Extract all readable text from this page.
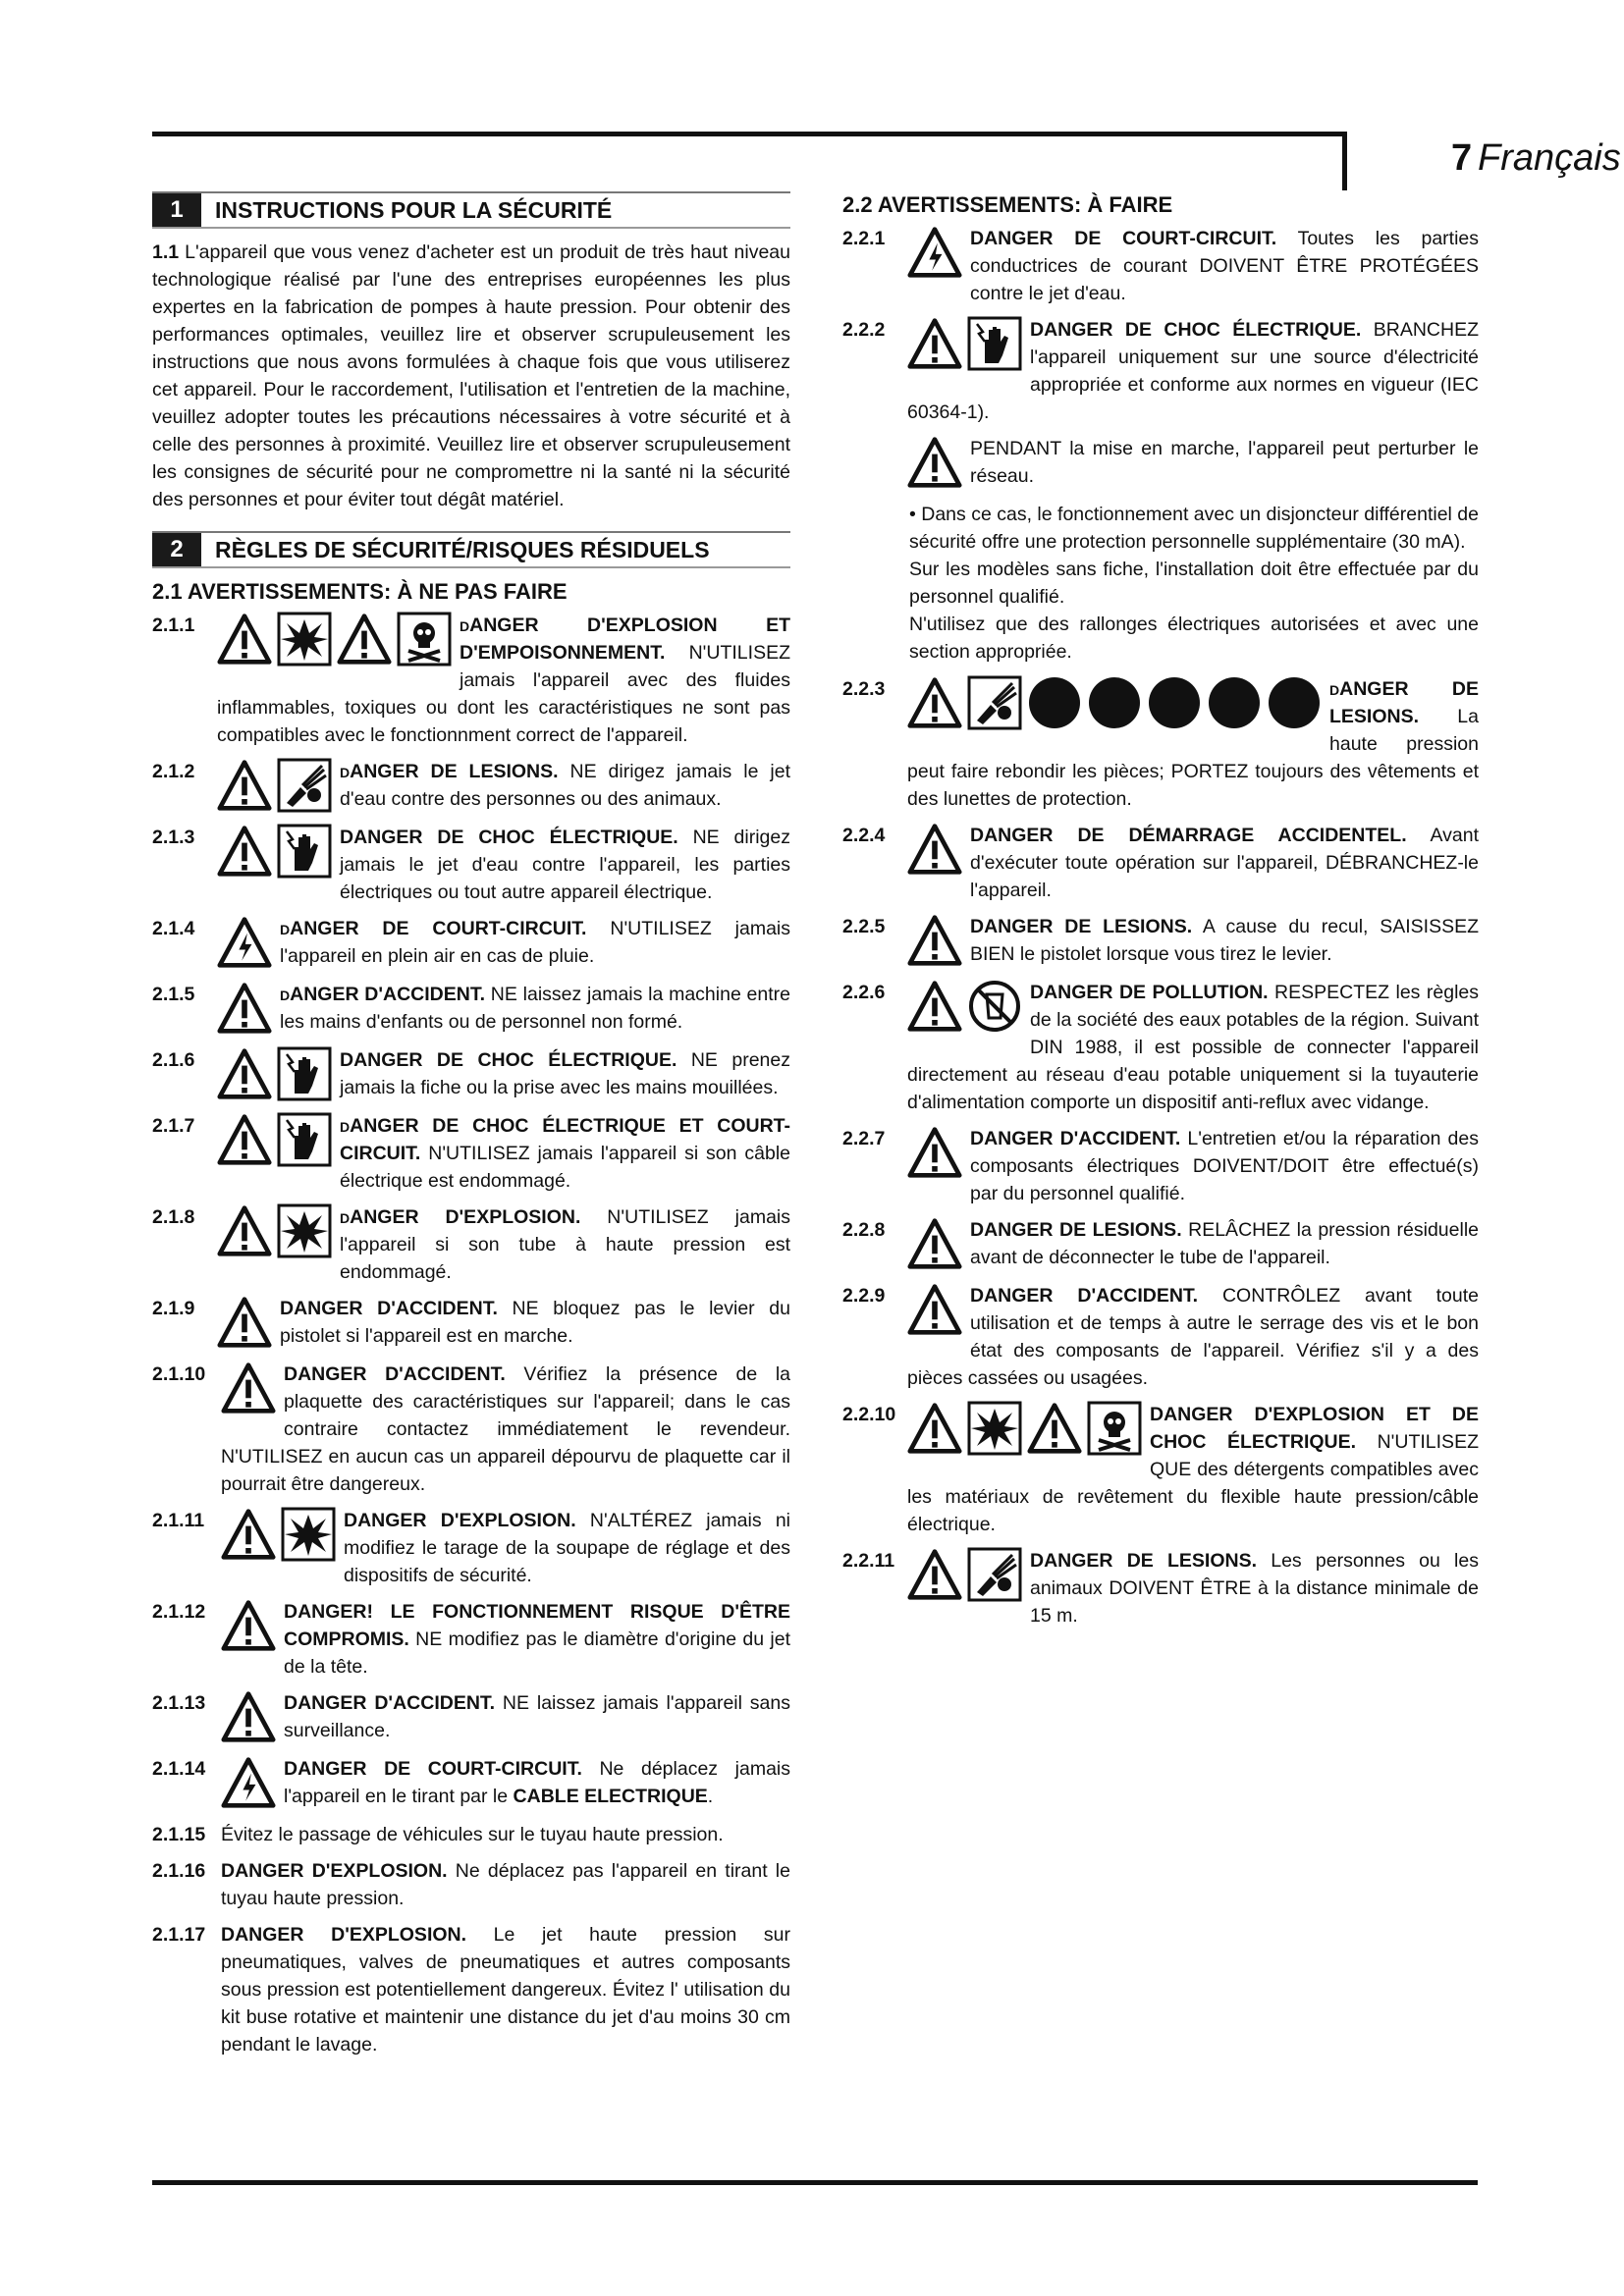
7 Français
1	INSTRUCTIONS POUR LA SÉCURITÉ
1.1 L'appareil que vous venez d'acheter est un produit de très haut niveau technologique réalisé par l'une des entreprises européennes les plus expertes en la fabrication de pompes à haute pression. Pour obtenir des performances optimales, veuillez lire et observer scrupuleusement les instructions que nous avons formulées à chaque fois que vous utiliserez cet appareil. Pour le raccordement, l'utilisation et l'entretien de la machine, veuillez adopter toutes les précautions nécessaires à votre sécurité et à celle des personnes à proximité. Veuillez lire et observer scrupuleusement les consignes de sécurité pour ne compromettre ni la santé ni la sécurité des personnes et pour éviter tout dégât matériel.
2	RÈGLES DE SÉCURITÉ/RISQUES RÉSIDUELS
2.1 AVERTISSEMENTS: À NE PAS FAIRE
2.1.1	dANGER D'EXPLOSION ET D'EMPOISONNEMENT. N'UTILISEZ jamais l'appareil avec des fluides inflammables, toxiques ou dont les caractéristiques ne sont pas compatibles avec le fonctionnment correct de l'appareil.
2.1.2	dANGER DE LESIONS. NE dirigez jamais le jet d'eau contre des personnes ou des animaux.
2.1.3	DANGER DE CHOC ÉLECTRIQUE. NE dirigez jamais le jet d'eau contre l'appareil, les parties électriques ou tout autre appareil électrique.
2.1.4	dANGER DE COURT-CIRCUIT. N'UTILISEZ jamais l'appareil en plein air en cas de pluie.
2.1.5	dANGER D'ACCIDENT. NE laissez jamais la machine entre les mains d'enfants ou de personnel non formé.
2.1.6	DANGER DE CHOC ÉLECTRIQUE. NE prenez jamais la fiche ou la prise avec les mains mouillées.
2.1.7	dANGER DE CHOC ÉLECTRIQUE ET COURT-CIRCUIT. N'UTILISEZ jamais l'appareil si son câble électrique est endommagé.
2.1.8	dANGER D'EXPLOSION. N'UTILISEZ jamais l'appareil si son tube à haute pression est endommagé.
2.1.9	DANGER D'ACCIDENT. NE bloquez pas le levier du pistolet si l'appareil est en marche.
2.1.10	DANGER D'ACCIDENT. Vérifiez la présence de la plaquette des caractéristiques sur l'appareil; dans le cas contraire contactez immédiatement le revendeur. N'UTILISEZ en aucun cas un appareil dépourvu de plaquette car il pourrait être dangereux.
2.1.11	DANGER D'EXPLOSION. N'ALTÉREZ jamais ni modifiez le tarage de la soupape de réglage et des dispositifs de sécurité.
2.1.12	DANGER! LE FONCTIONNEMENT RISQUE D'ÊTRE COMPROMIS. NE modifiez pas le diamètre d'origine du jet de la tête.
2.1.13	DANGER D'ACCIDENT. NE laissez jamais l'appareil sans surveillance.
2.1.14	DANGER DE COURT-CIRCUIT. Ne déplacez jamais l'appareil en le tirant par le CABLE ELECTRIQUE.
2.1.15 Évitez le passage de véhicules sur le tuyau haute pression.
2.1.16 DANGER D'EXPLOSION. Ne déplacez pas l'appareil en tirant le tuyau haute pression.
2.1.17 DANGER D'EXPLOSION. Le jet haute pression sur pneumatiques, valves de pneumatiques et autres composants sous pression est potentiellement dangereux. Évitez l' utilisation du kit buse rotative et maintenir une distance du jet d'au moins 30 cm pendant le lavage.
2.2 AVERTISSEMENTS: À FAIRE
2.2.1	DANGER DE COURT-CIRCUIT. Toutes les parties conductrices de courant DOIVENT ÊTRE PROTÉGÉES contre le jet d'eau.
2.2.2	DANGER DE CHOC ÉLECTRIQUE. BRANCHEZ l'appareil uniquement sur une source d'électricité appropriée et conforme aux normes en vigueur (IEC 60364-1).
PENDANT la mise en marche, l'appareil peut perturber le réseau.
• Dans ce cas, le fonctionnement avec un disjoncteur différentiel de sécurité offre une protection personnelle supplémentaire (30 mA).
Sur les modèles sans fiche, l'installation doit être effectuée par du personnel qualifié.
N'utilisez que des rallonges électriques autorisées et avec une section appropriée.
2.2.3	dANGER DE LESIONS. La haute pression peut faire rebondir les pièces; PORTEZ toujours des vêtements et des lunettes de protection.
2.2.4	DANGER DE DÉMARRAGE ACCIDENTEL. Avant d'exécuter toute opération sur l'appareil, DÉBRANCHEZ-le l'appareil.
2.2.5	DANGER DE LESIONS. A cause du recul, SAISISSEZ BIEN le pistolet lorsque vous tirez le levier.
2.2.6	DANGER DE POLLUTION. RESPECTEZ les règles de la société des eaux potables de la région. Suivant DIN 1988, il est possible de connecter l'appareil directement au réseau d'eau potable uniquement si la tuyauterie d'alimentation comporte un dispositif anti-reflux avec vidange.
2.2.7	DANGER D'ACCIDENT. L'entretien et/ou la réparation des composants électriques DOIVENT/DOIT être effectué(s) par du personnel qualifié.
2.2.8	DANGER DE LESIONS. RELÂCHEZ la pression résiduelle avant de déconnecter le tube de l'appareil.
2.2.9	DANGER D'ACCIDENT. CONTRÔLEZ avant toute utilisation et de temps à autre le serrage des vis et le bon état des composants de l'appareil. Vérifiez s'il y a des pièces cassées ou usagées.
2.2.10	DANGER D'EXPLOSION ET DE CHOC ÉLECTRIQUE. N'UTILISEZ QUE des détergents compatibles avec les matériaux de revêtement du flexible haute pression/câble électrique.
2.2.11	DANGER DE LESIONS. Les personnes ou les animaux DOIVENT ÊTRE à la distance minimale de 15 m.
